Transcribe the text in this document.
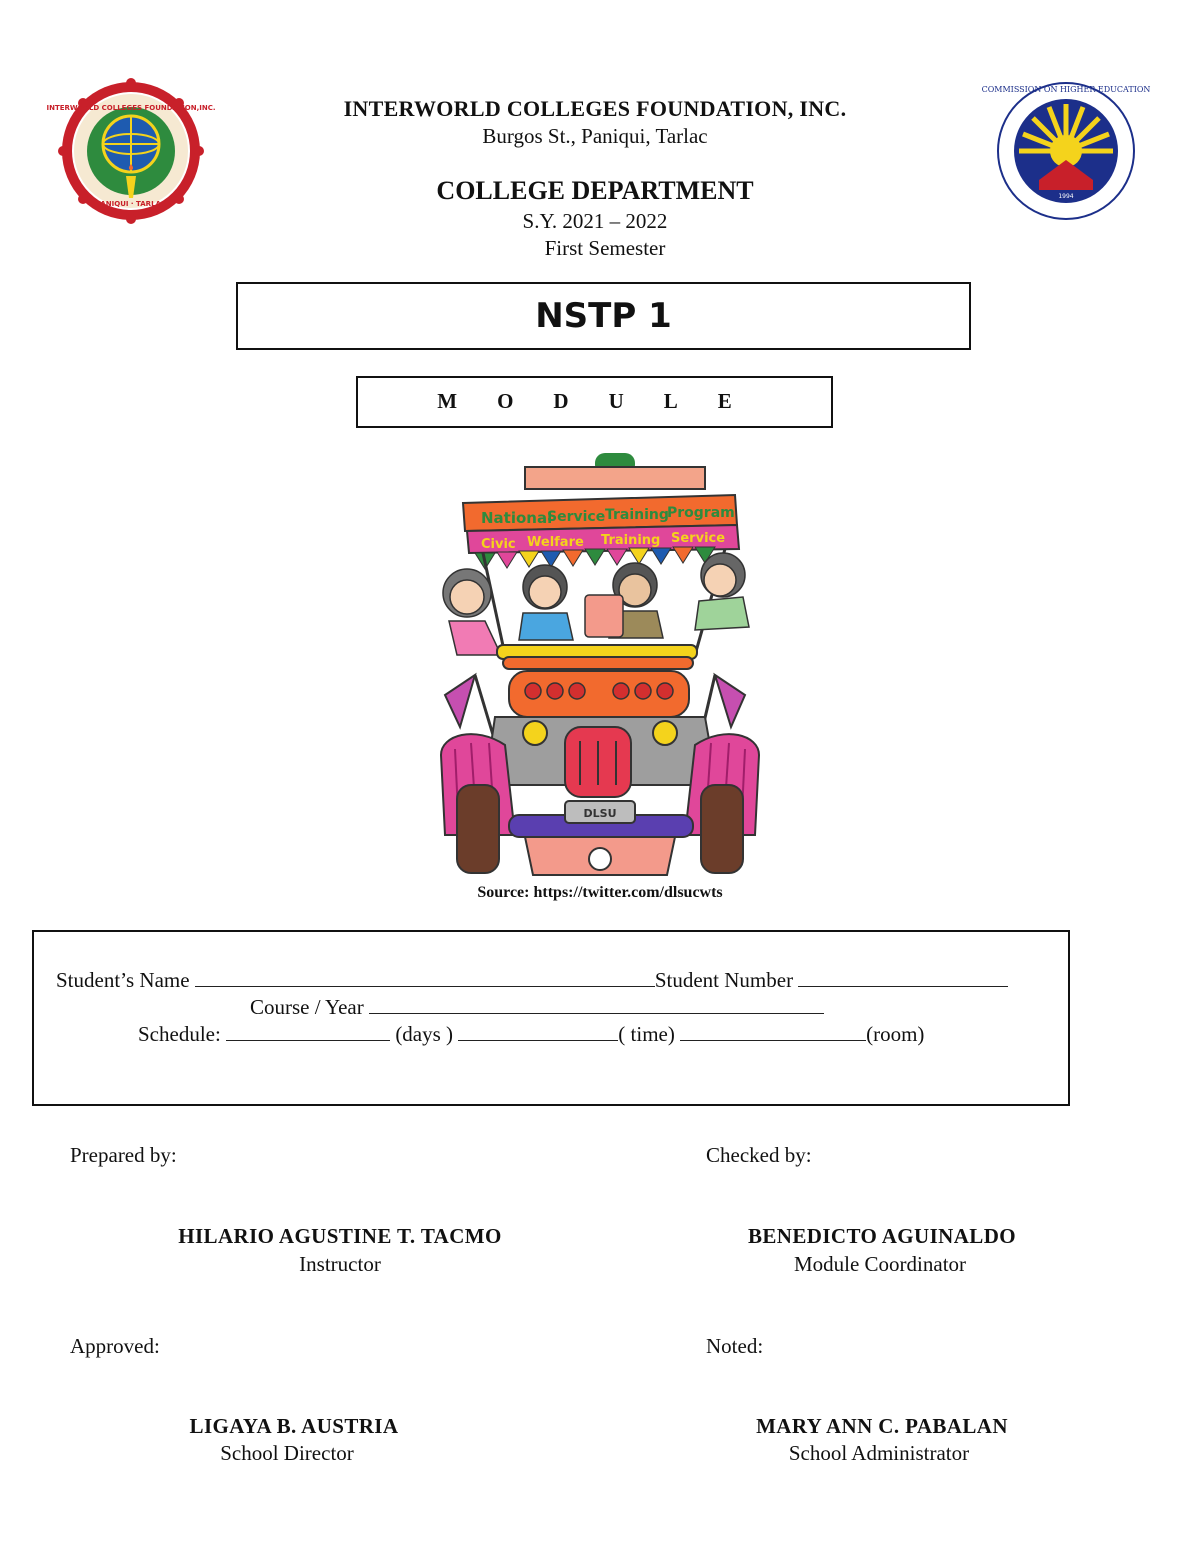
INTERWORLD COLLEGES FOUNDATION,INC.
PANIQUI · TARLAC
1994
COMMISSION ON HIGHER EDUCATION
INTERWORLD COLLEGES FOUNDATION, INC.
Burgos St., Paniqui, Tarlac
COLLEGE DEPARTMENT
S.Y. 2021 – 2022
First Semester
NSTP 1
MODULE
National
Service Training
Program
Civic Welfare Training Service
DLSU
Source: https://twitter.com/dlsucwts
Student’s Name	Student Number
Course / Year
Schedule:	(days )	( time)	(room)
Prepared by:	Checked by:
HILARIO AGUSTINE T. TACMO
Instructor
BENEDICTO AGUINALDO
Module Coordinator
Approved:	Noted:
LIGAYA B. AUSTRIA
School Director
MARY ANN C. PABALAN
School Administrator
